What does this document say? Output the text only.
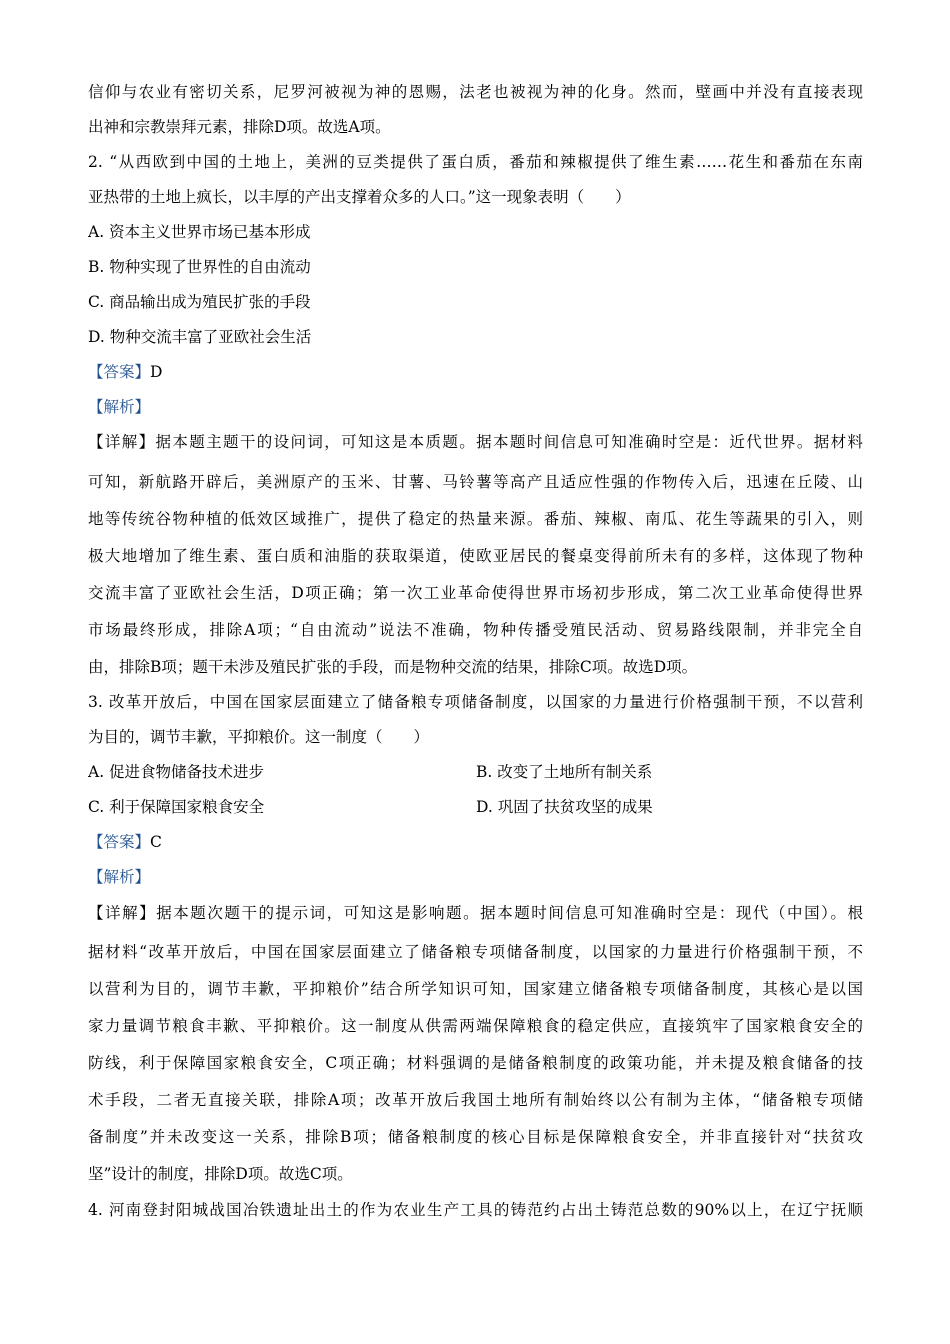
信仰与农业有密切关系，尼罗河被视为神的恩赐，法老也被视为神的化身。然而，壁画中并没有直接表现
出神和宗教崇拜元素，排除D项。故选A项。
2. “从西欧到中国的土地上，美洲的豆类提供了蛋白质，番茄和辣椒提供了维生素……花生和番茄在东南
亚热带的土地上疯长，以丰厚的产出支撑着众多的人口。”这一现象表明（　　）
A. 资本主义世界市场已基本形成
B. 物种实现了世界性的自由流动
C. 商品输出成为殖民扩张的手段
D. 物种交流丰富了亚欧社会生活
【答案】D
【解析】
【详解】据本题主题干的设问词，可知这是本质题。据本题时间信息可知准确时空是：近代世界。据材料
可知，新航路开辟后，美洲原产的玉米、甘薯、马铃薯等高产且适应性强的作物传入后，迅速在丘陵、山
地等传统谷物种植的低效区域推广，提供了稳定的热量来源。番茄、辣椒、南瓜、花生等蔬果的引入，则
极大地增加了维生素、蛋白质和油脂的获取渠道，使欧亚居民的餐桌变得前所未有的多样，这体现了物种
交流丰富了亚欧社会生活，D项正确；第一次工业革命使得世界市场初步形成，第二次工业革命使得世界
市场最终形成，排除A项；“自由流动”说法不准确，物种传播受殖民活动、贸易路线限制，并非完全自
由，排除B项；题干未涉及殖民扩张的手段，而是物种交流的结果，排除C项。故选D项。
3. 改革开放后，中国在国家层面建立了储备粮专项储备制度，以国家的力量进行价格强制干预，不以营利
为目的，调节丰歉，平抑粮价。这一制度（　　）
A. 促进食物储备技术进步	B. 改变了土地所有制关系
C. 利于保障国家粮食安全	D. 巩固了扶贫攻坚的成果
【答案】C
【解析】
【详解】据本题次题干的提示词，可知这是影响题。据本题时间信息可知准确时空是：现代（中国）。根
据材料“改革开放后，中国在国家层面建立了储备粮专项储备制度，以国家的力量进行价格强制干预，不
以营利为目的，调节丰歉，平抑粮价”结合所学知识可知，国家建立储备粮专项储备制度，其核心是以国
家力量调节粮食丰歉、平抑粮价。这一制度从供需两端保障粮食的稳定供应，直接筑牢了国家粮食安全的
防线，利于保障国家粮食安全，C项正确；材料强调的是储备粮制度的政策功能，并未提及粮食储备的技
术手段，二者无直接关联，排除A项；改革开放后我国土地所有制始终以公有制为主体，“储备粮专项储
备制度”并未改变这一关系，排除B项；储备粮制度的核心目标是保障粮食安全，并非直接针对“扶贫攻
坚”设计的制度，排除D项。故选C项。
4. 河南登封阳城战国冶铁遗址出土的作为农业生产工具的铸范约占出土铸范总数的90%以上，在辽宁抚顺
